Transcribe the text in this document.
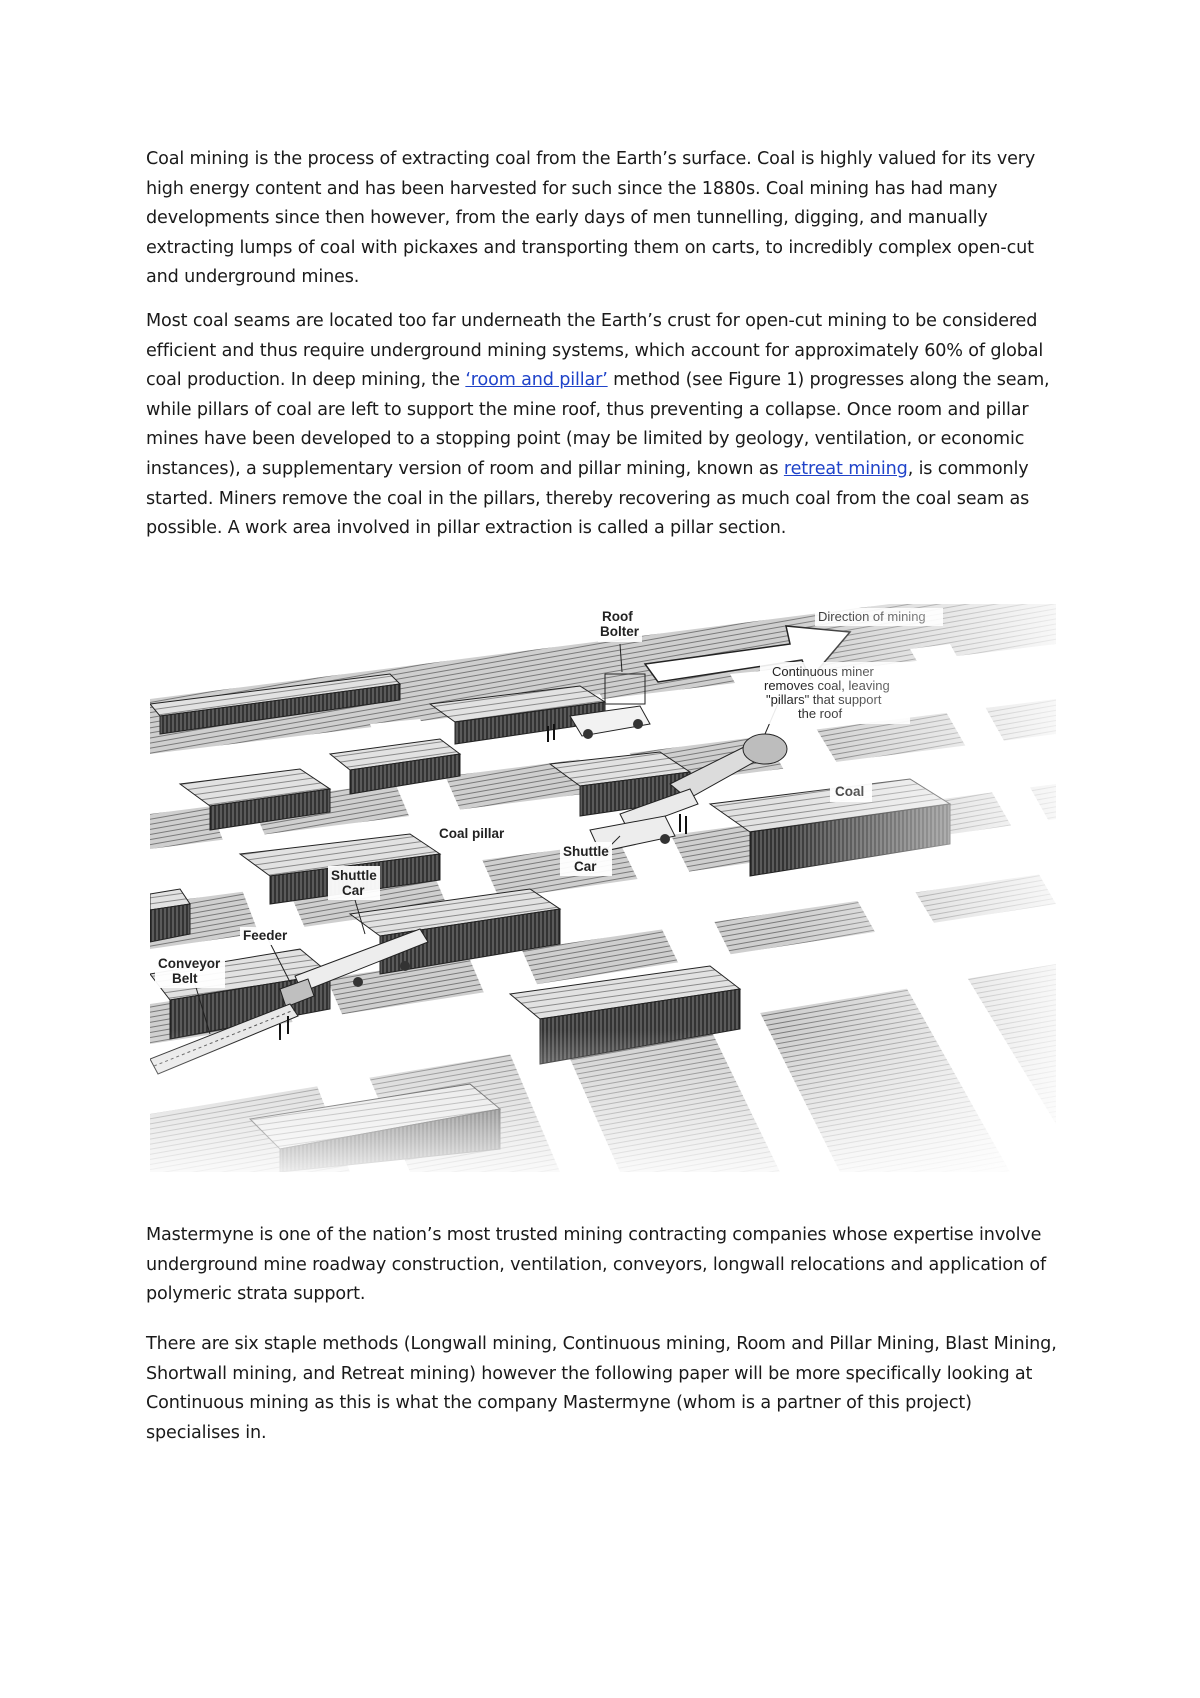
Coal mining is the process of extracting coal from the Earth’s surface. Coal is highly valued for its very high energy content and has been harvested for such since the 1880s. Coal mining has had many developments since then however, from the early days of men tunnelling, digging, and manually extracting lumps of coal with pickaxes and transporting them on carts, to incredibly complex open-cut and underground mines.

Most coal seams are located too far underneath the Earth’s crust for open-cut mining to be considered efficient and thus require underground mining systems, which account for approximately 60% of global coal production. In deep mining, the ‘room and pillar’ method (see Figure 1) progresses along the seam, while pillars of coal are left to support the mine roof, thus preventing a collapse. Once room and pillar mines have been developed to a stopping point (may be limited by geology, ventilation, or economic instances), a supplementary version of room and pillar mining, known as retreat mining, is commonly started. Miners remove the coal in the pillars, thereby recovering as much coal from the coal seam as possible. A work area involved in pillar extraction is called a pillar section.

Mastermyne is one of the nation’s most trusted mining contracting companies whose expertise involve underground mine roadway construction, ventilation, conveyors, longwall relocations and application of polymeric strata support.

There are six staple methods (Longwall mining, Continuous mining, Room and Pillar Mining, Blast Mining, Shortwall mining, and Retreat mining) however the following paper will be more specifically looking at Continuous mining as this is what the company Mastermyne (whom is a partner of this project) specialises in.
